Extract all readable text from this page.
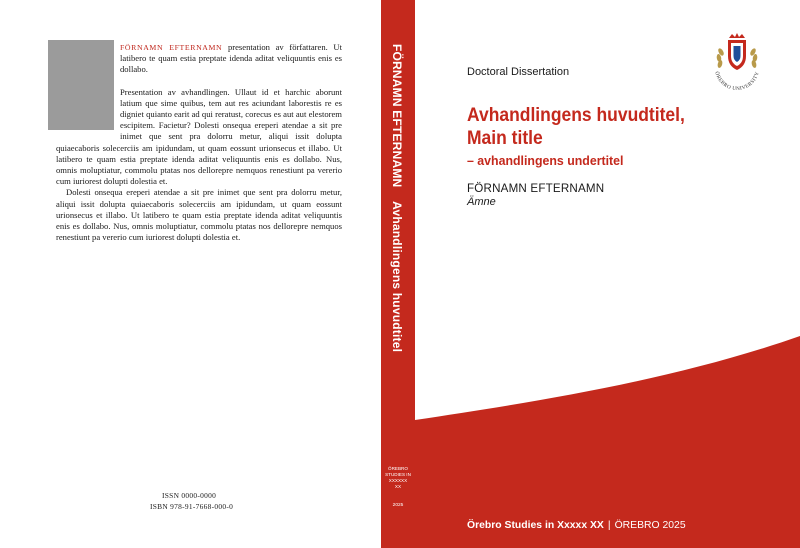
FÖRNAMN EFTERNAMN presentation av författaren. Ut latibero te quam estia preptate idenda aditat veliquuntis enis es dollabo.

Presentation av avhandlingen. Ullaut id et harchic aborunt latium que sime quibus, tem aut res aciundant laborestis re es digniet quianto earit ad qui reratust, corecus es aut aut elestorem escipitem. Facietur? Dolesti onsequa ereperi atendae a sit pre inimet que sent pra dolorru metur, aliqui issit dolupta quiaecaboris solecerciis am ipidundam, ut quam eossunt urionsecus et illabo. Ut latibero te quam estia preptate idenda aditat veliquuntis enis es dollabo. Nus, omnis moluptiatur, commolu ptatas nos dellorepre nemquos renestiunt pa vererio cum iuriorest dolupti dolestia et.

Dolesti onsequa ereperi atendae a sit pre inimet que sent pra dolorru metur, aliqui issit dolupta quiaecaboris solecerciis am ipidundam, ut quam eossunt urionsecus et illabo. Ut latibero te quam estia preptate idenda aditat veliquuntis enis es dollabo. Nus, omnis moluptiatur, commolu ptatas nos dellorepre nemquos renestiunt pa vererio cum iuriorest dolupti dolestia et.

ISSN 0000-0000
ISBN 978-91-7668-000-0
FÖRNAMN EFTERNAMN    Avhandlingens huvudtitel
ÖREBRO
STUDIES IN
XXXXXX
XX
2025
ÖREBRO UNIVERSITY
Doctoral Dissertation
Avhandlingens huvudtitel,
Main title
– avhandlingens undertitel
FÖRNAMN EFTERNAMN
Ämne
Örebro Studies in Xxxxx XX | ÖREBRO 2025
